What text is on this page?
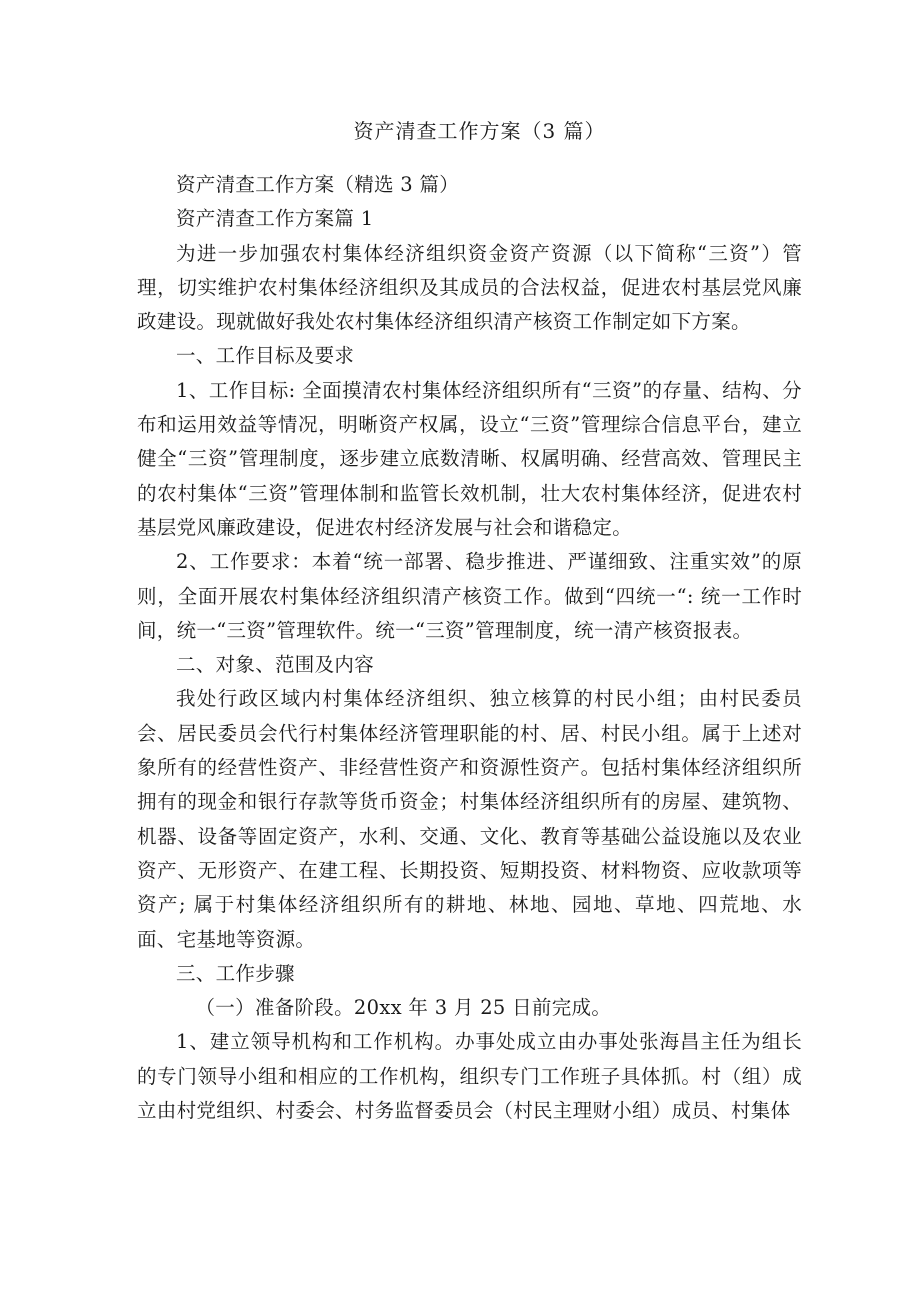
资产清查工作方案（3 篇）

资产清查工作方案（精选 3 篇）

资产清查工作方案篇 1

为进一步加强农村集体经济组织资金资产资源（以下简称“三资”）管理，切实维护农村集体经济组织及其成员的合法权益，促进农村基层党风廉政建设。现就做好我处农村集体经济组织清产核资工作制定如下方案。

一、工作目标及要求

1、工作目标: 全面摸清农村集体经济组织所有“三资”的存量、结构、分布和运用效益等情况，明晰资产权属，设立“三资”管理综合信息平台，建立健全“三资”管理制度，逐步建立底数清晰、权属明确、经营高效、管理民主的农村集体“三资”管理体制和监管长效机制，壮大农村集体经济，促进农村基层党风廉政建设，促进农村经济发展与社会和谐稳定。

2、工作要求：本着“统一部署、稳步推进、严谨细致、注重实效”的原则，全面开展农村集体经济组织清产核资工作。做到“四统一“: 统一工作时间，统一“三资”管理软件。统一“三资”管理制度，统一清产核资报表。

二、对象、范围及内容

我处行政区域内村集体经济组织、独立核算的村民小组；由村民委员会、居民委员会代行村集体经济管理职能的村、居、村民小组。属于上述对象所有的经营性资产、非经营性资产和资源性资产。包括村集体经济组织所拥有的现金和银行存款等货币资金；村集体经济组织所有的房屋、建筑物、机器、设备等固定资产，水利、交通、文化、教育等基础公益设施以及农业资产、无形资产、在建工程、长期投资、短期投资、材料物资、应收款项等资产; 属于村集体经济组织所有的耕地、林地、园地、草地、四荒地、水面、宅基地等资源。

三、工作步骤

（一）准备阶段。20xx 年 3 月 25 日前完成。

1、建立领导机构和工作机构。办事处成立由办事处张海昌主任为组长的专门领导小组和相应的工作机构，组织专门工作班子具体抓。村（组）成立由村党组织、村委会、村务监督委员会（村民主理财小组）成员、村集体
